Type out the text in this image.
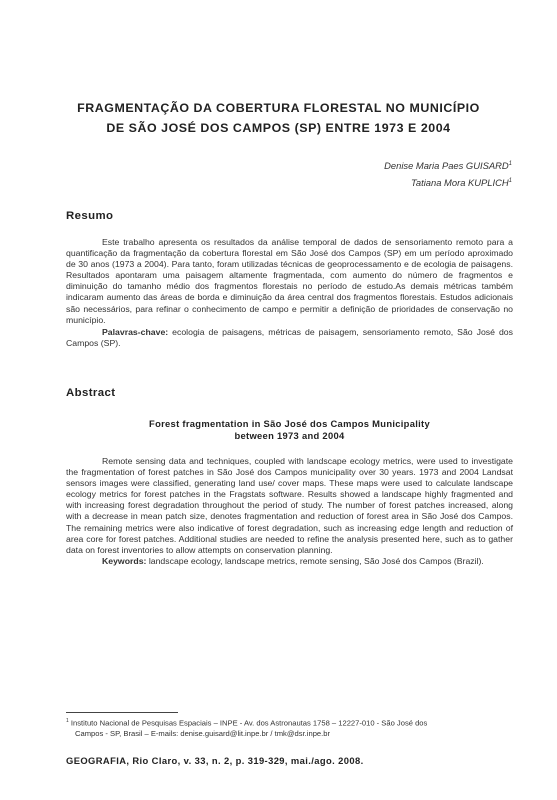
FRAGMENTAÇÃO DA COBERTURA FLORESTAL NO MUNICÍPIO
DE SÃO JOSÉ DOS CAMPOS (SP) ENTRE 1973 E 2004
Denise Maria Paes GUISARD$^1$
Tatiana Mora KUPLICH$^1$
Resumo

Este trabalho apresenta os resultados da análise temporal de dados de sensoriamento remoto para a quantificação da fragmentação da cobertura florestal em São José dos Campos (SP) em um período aproximado de 30 anos (1973 a 2004). Para tanto, foram utilizadas técnicas de geoprocessamento e de ecologia de paisagens. Resultados apontaram uma paisagem altamente fragmentada, com aumento do número de fragmentos e diminuição do tamanho médio dos fragmentos florestais no período de estudo.As demais métricas também indicaram aumento das áreas de borda e diminuição da área central dos fragmentos florestais. Estudos adicionais são necessários, para refinar o conhecimento de campo e permitir a definição de prioridades de conservação no município.

Palavras-chave: ecologia de paisagens, métricas de paisagem, sensoriamento remoto, São José dos Campos (SP).

Abstract
Forest fragmentation in São José dos Campos Municipality
between 1973 and 2004

Remote sensing data and techniques, coupled with landscape ecology metrics, were used to investigate the fragmentation of forest patches in São José dos Campos municipality over 30 years. 1973 and 2004 Landsat sensors images were classified, generating land use/ cover maps. These maps were used to calculate landscape ecology metrics for forest patches in the Fragstats software. Results showed a landscape highly fragmented and with increasing forest degradation throughout the period of study. The number of forest patches increased, along with a decrease in mean patch size, denotes fragmentation and reduction of forest area in São José dos Campos. The remaining metrics were also indicative of forest degradation, such as increasing edge length and reduction of area core for forest patches. Additional studies are needed to refine the analysis presented here, such as to gather data on forest inventories to allow attempts on conservation planning.

Keywords: landscape ecology, landscape metrics, remote sensing, São José dos Campos (Brazil).

$^1$ Instituto Nacional de Pesquisas Espaciais – INPE - Av. dos Astronautas 1758 – 12227-010 - São José dos
Campos - SP, Brasil – E-mails: denise.guisard@lit.inpe.br / tmk@dsr.inpe.br
GEOGRAFIA, Rio Claro, v. 33, n. 2, p. 319-329, mai./ago. 2008.
